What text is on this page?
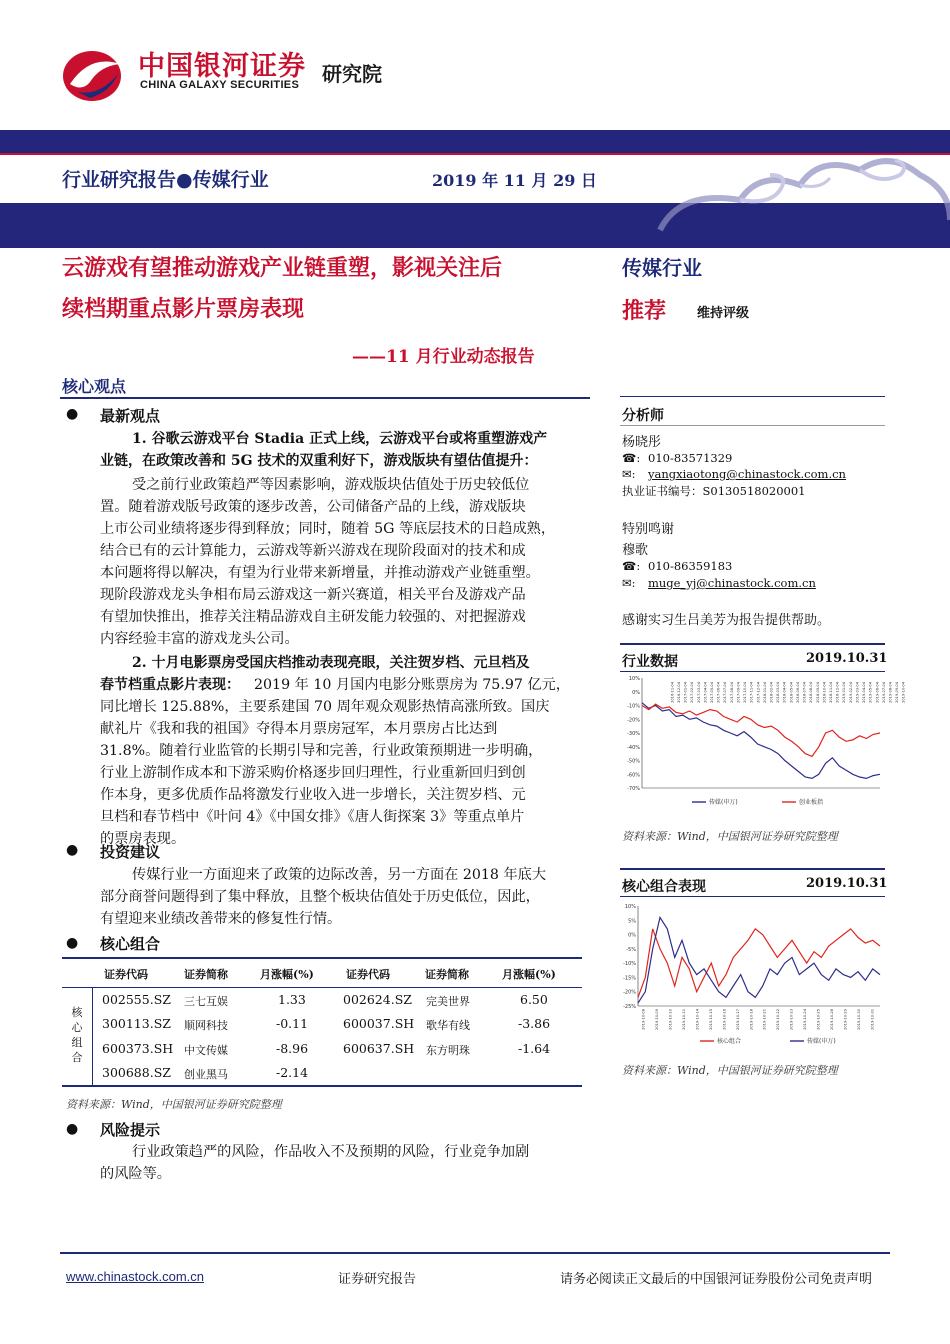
中国银河证券
CHINA GALAXY SECURITIES 研究院
行业研究报告●传媒行业	2019 年 11 月 29 日
云游戏有望推动游戏产业链重塑，影视关注后
续档期重点影片票房表现
——11 月行业动态报告
传媒行业
推荐 维持评级
核心观点
● 最新观点
1. 谷歌云游戏平台 Stadia 正式上线，云游戏平台或将重塑游戏产
业链，在政策改善和 5G 技术的双重利好下，游戏版块有望估值提升：
受之前行业政策趋严等因素影响，游戏版块估值处于历史较低位
置。随着游戏版号政策的逐步改善，公司储备产品的上线，游戏版块
上市公司业绩将逐步得到释放；同时，随着 5G 等底层技术的日趋成熟，
结合已有的云计算能力，云游戏等新兴游戏在现阶段面对的技术和成
本问题将得以解决，有望为行业带来新增量，并推动游戏产业链重塑。
现阶段游戏龙头争相布局云游戏这一新兴赛道，相关平台及游戏产品
有望加快推出，推荐关注精品游戏自主研发能力较强的、对把握游戏
内容经验丰富的游戏龙头公司。
2. 十月电影票房受国庆档推动表现亮眼，关注贺岁档、元旦档及
春节档重点影片表现： 2019 年 10 月国内电影分账票房为 75.97 亿元，
同比增长 125.88%，主要系建国 70 周年观众观影热情高涨所致。国庆
献礼片《我和我的祖国》夺得本月票房冠军，本月票房占比达到
31.8%。随着行业监管的长期引导和完善，行业政策预期进一步明确，
行业上游制作成本和下游采购价格逐步回归理性，行业重新回归到创
作本身，更多优质作品将激发行业收入进一步增长，关注贺岁档、元
旦档和春节档中《叶问 4》《中国女排》《唐人街探案 3》等重点单片
的票房表现。
● 投资建议
传媒行业一方面迎来了政策的边际改善，另一方面在 2018 年底大
部分商誉问题得到了集中释放，且整个板块估值处于历史低位，因此，
有望迎来业绩改善带来的修复性行情。
● 核心组合
证券代码	证券简称	月涨幅(%)	证券代码	证券简称	月涨幅(%)
核
心
组
合
002555.SZ 三七互娱	1.33	002624.SZ 完美世界	6.50
300113.SZ 顺网科技	-0.11	600037.SH 歌华有线	-3.86
600373.SH 中文传媒	-8.96	600637.SH 东方明珠	-1.64
300688.SZ 创业黑马	-2.14
资料来源：Wind，中国银河证券研究院整理
● 风险提示
行业政策趋严的风险，作品收入不及预期的风险，行业竞争加剧
的风险等。
分析师
杨晓彤
☎: 010-83571329
✉: yangxiaotong@chinastock.com.cn
执业证书编号：S0130518020001
特别鸣谢
穆歌
☎: 010-86359183
✉: muge_yj@chinastock.com.cn
感谢实习生吕美芳为报告提供帮助。
行业数据	2019.10.31
10%
0%
-10%
-20%
-30%
-40%
-50%
-60%
-70%
2016-11-04 2016-12-04 2017-01-04 2017-02-04 2017-03-04 2017-04-04 2017-05-04 2017-06-04 2017-07-04 2017-08-04 2017-09-04 2017-10-04 2017-11-04 2017-12-04 2018-01-04 2018-02-04 2018-03-04 2018-04-04 2018-05-04 2018-06-04 2018-07-04 2018-08-04 2018-09-04 2018-10-04 2018-11-04 2018-12-04 2019-01-04 2019-02-04 2019-03-04 2019-04-04 2019-05-04 2019-06-04 2019-07-04 2019-08-04 2019-09-04 2019-10-04
传媒(申万)	创业板指
资料来源：Wind，中国银河证券研究院整理
核心组合表现	2019.10.31
10%
5%
0%
-5%
-10%
-15%
-20%
-25%
2019-10-08	2019-10-09	2019-10-10	2019-10-11	2019-10-14	2019-10-15	2019-10-16	2019-10-17	2019-10-18	2019-10-21	2019-10-22	2019-10-23	2019-10-24	2019-10-25	2019-10-28	2019-10-29	2019-10-30	2019-10-31
核心组合	传媒(申万)
资料来源：Wind，中国银河证券研究院整理
www.chinastock.com.cn	证券研究报告	请务必阅读正文最后的中国银河证券股份公司免责声明
